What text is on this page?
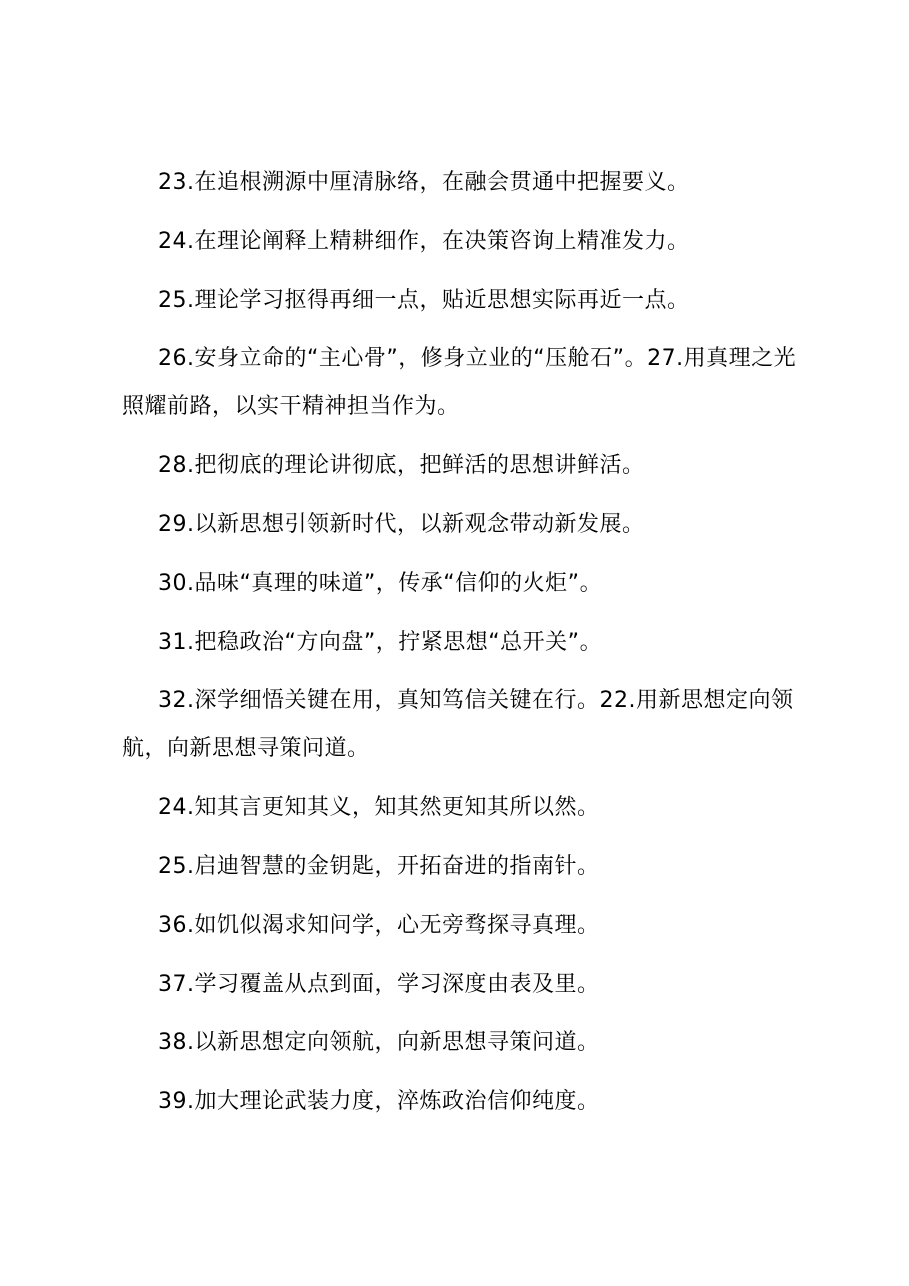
23.在追根溯源中厘清脉络，在融会贯通中把握要义。

24.在理论阐释上精耕细作，在决策咨询上精准发力。

25.理论学习抠得再细一点，贴近思想实际再近一点。

26.安身立命的“主心骨”，修身立业的“压舱石”。27.用真理之光照耀前路，以实干精神担当作为。

28.把彻底的理论讲彻底，把鲜活的思想讲鲜活。

29.以新思想引领新时代，以新观念带动新发展。

30.品味“真理的味道”，传承“信仰的火炬”。

31.把稳政治“方向盘”，拧紧思想“总开关”。

32.深学细悟关键在用，真知笃信关键在行。22.用新思想定向领航，向新思想寻策问道。

24.知其言更知其义，知其然更知其所以然。

25.启迪智慧的金钥匙，开拓奋进的指南针。

36.如饥似渴求知问学，心无旁骛探寻真理。

37.学习覆盖从点到面，学习深度由表及里。

38.以新思想定向领航，向新思想寻策问道。

39.加大理论武装力度，淬炼政治信仰纯度。
